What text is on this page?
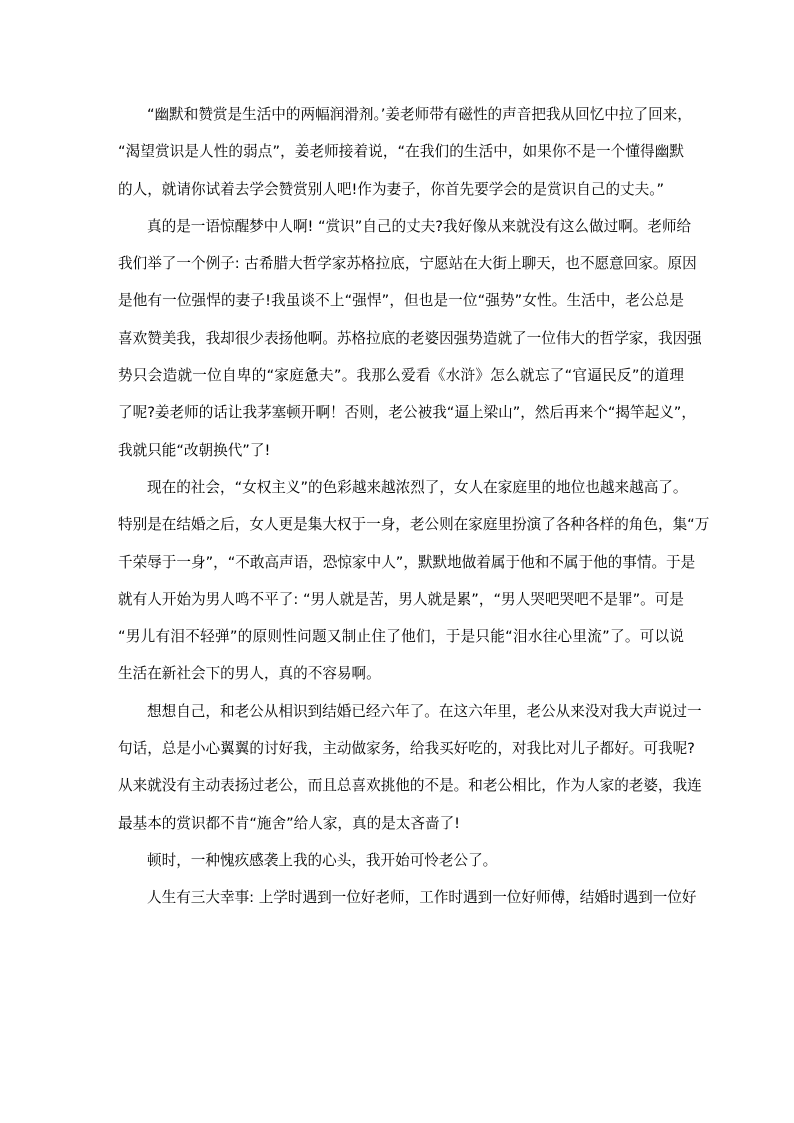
“幽默和赞赏是生活中的两幅润滑剂。’姜老师带有磁性的声音把我从回忆中拉了回来，
“渴望赏识是人性的弱点”，姜老师接着说，“在我们的生活中，如果你不是一个懂得幽默
的人，就请你试着去学会赞赏别人吧!作为妻子，你首先要学会的是赏识自己的丈夫。”
真的是一语惊醒梦中人啊! “赏识”自己的丈夫?我好像从来就没有这么做过啊。老师给
我们举了一个例子: 古希腊大哲学家苏格拉底，宁愿站在大街上聊天，也不愿意回家。原因
是他有一位强悍的妻子!我虽谈不上“强悍”，但也是一位“强势”女性。生活中，老公总是
喜欢赞美我，我却很少表扬他啊。苏格拉底的老婆因强势造就了一位伟大的哲学家，我因强
势只会造就一位自卑的“家庭惫夫”。我那么爱看《水浒》怎么就忘了“官逼民反”的道理
了呢?姜老师的话让我茅塞顿开啊！否则，老公被我“逼上梁山”，然后再来个“揭竿起义”，
我就只能“改朝换代”了!
现在的社会，“女权主义”的色彩越来越浓烈了，女人在家庭里的地位也越来越高了。
特别是在结婚之后，女人更是集大权于一身，老公则在家庭里扮演了各种各样的角色，集“万
千荣辱于一身”，“不敢高声语，恐惊家中人”，默默地做着属于他和不属于他的事情。于是
就有人开始为男人鸣不平了: “男人就是苦，男人就是累”，“男人哭吧哭吧不是罪”。可是
“男儿有泪不轻弹”的原则性问题又制止住了他们，于是只能“泪水往心里流”了。可以说
生活在新社会下的男人，真的不容易啊。
想想自己，和老公从相识到结婚已经六年了。在这六年里，老公从来没对我大声说过一
句话，总是小心翼翼的讨好我，主动做家务，给我买好吃的，对我比对儿子都好。可我呢?
从来就没有主动表扬过老公，而且总喜欢挑他的不是。和老公相比，作为人家的老婆，我连
最基本的赏识都不肯“施舍”给人家，真的是太吝啬了!
顿时，一种愧疚感袭上我的心头，我开始可怜老公了。
人生有三大幸事: 上学时遇到一位好老师，工作时遇到一位好师傅，结婚时遇到一位好
